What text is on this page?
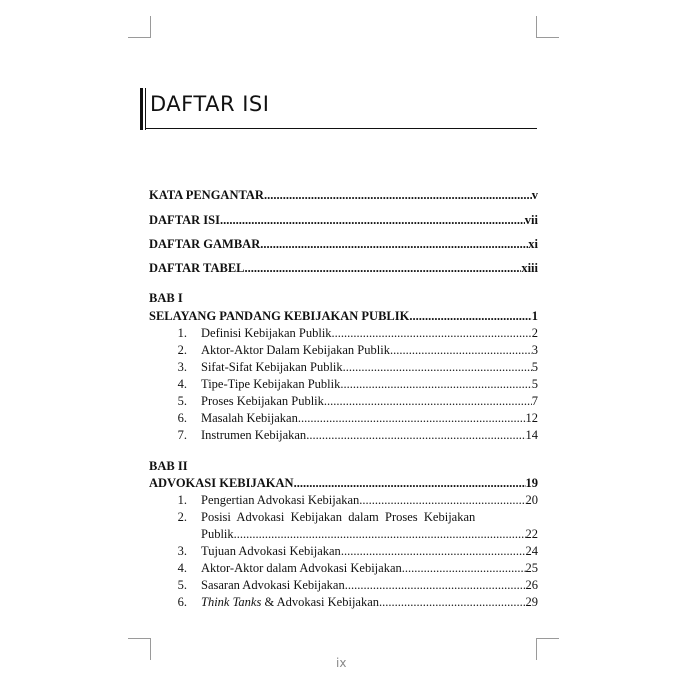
DAFTAR ISI
KATA PENGANTAR .....	v
DAFTAR ISI .....	vii
DAFTAR GAMBAR .....	xi
DAFTAR TABEL .....	xiii
BAB I
SELAYANG PANDANG KEBIJAKAN PUBLIK .....	1
1.	Definisi Kebijakan Publik .....	2
2.	Aktor-Aktor Dalam Kebijakan Publik .....	3
3.	Sifat-Sifat Kebijakan Publik .....	5
4.	Tipe-Tipe Kebijakan Publik .....	5
5.	Proses Kebijakan Publik .....	7
6.	Masalah Kebijakan .....	12
7.	Instrumen Kebijakan .....	14
BAB II
ADVOKASI KEBIJAKAN .....	19
1.	Pengertian Advokasi Kebijakan .....	20
2.	Posisi  Advokasi  Kebijakan  dalam  Proses  Kebijakan
Publik .....	22
3.	Tujuan Advokasi Kebijakan .....	24
4.	Aktor-Aktor dalam Advokasi Kebijakan .....	25
5.	Sasaran Advokasi Kebijakan .....	26
6.	Think Tanks & Advokasi Kebijakan .....	29
ix
